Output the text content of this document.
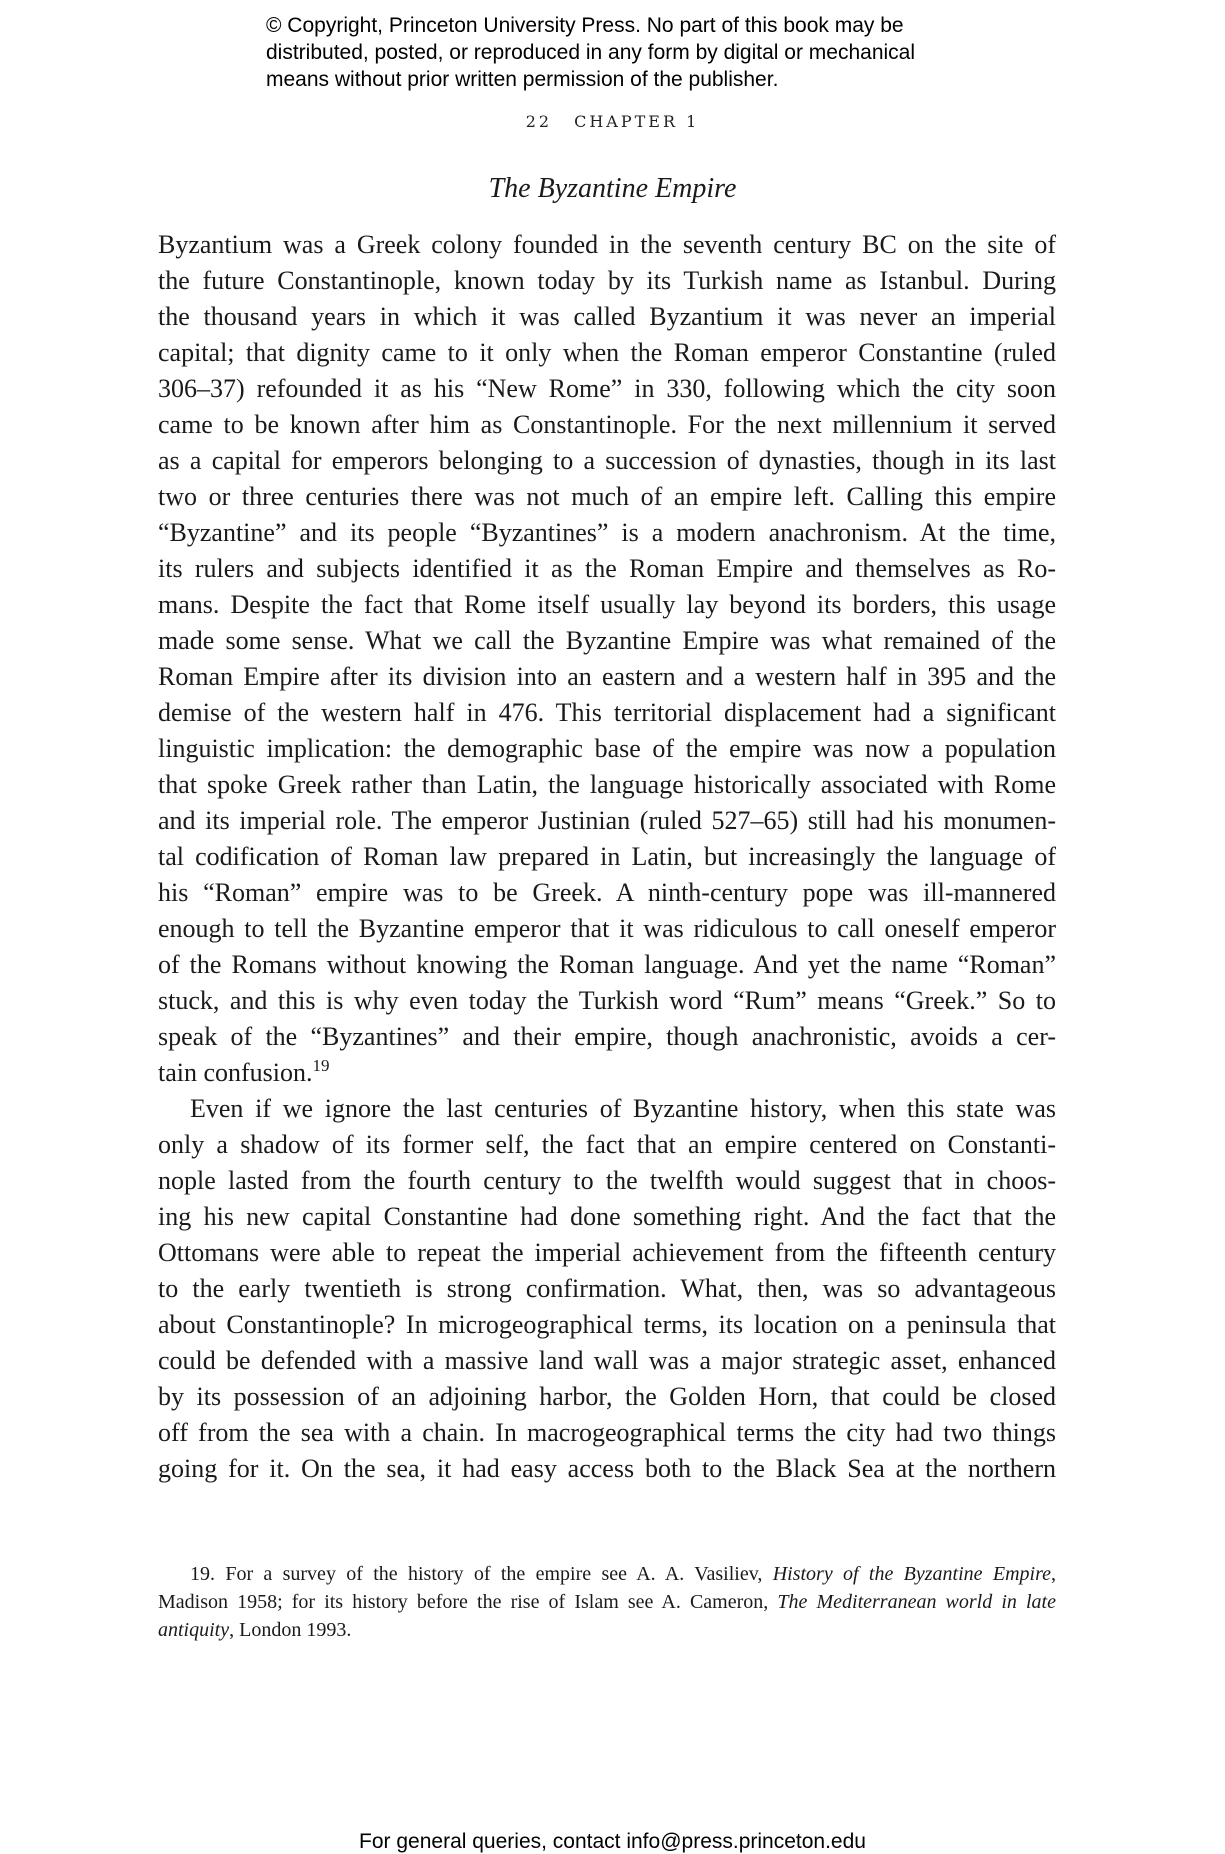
© Copyright, Princeton University Press. No part of this book may be
distributed, posted, or reproduced in any form by digital or mechanical
means without prior written permission of the publisher.
22 CHAPTER 1
The Byzantine Empire
Byzantium was a Greek colony founded in the seventh century BC on the site of
the future Constantinople, known today by its Turkish name as Istanbul. During
the thousand years in which it was called Byzantium it was never an imperial
capital; that dignity came to it only when the Roman emperor Constantine (ruled
306–37) refounded it as his “New Rome” in 330, following which the city soon
came to be known after him as Constantinople. For the next millennium it served
as a capital for emperors belonging to a succession of dynasties, though in its last
two or three centuries there was not much of an empire left. Calling this empire
“Byzantine” and its people “Byzantines” is a modern anachronism. At the time,
its rulers and subjects identified it as the Roman Empire and themselves as Ro-
mans. Despite the fact that Rome itself usually lay beyond its borders, this usage
made some sense. What we call the Byzantine Empire was what remained of the
Roman Empire after its division into an eastern and a western half in 395 and the
demise of the western half in 476. This territorial displacement had a significant
linguistic implication: the demographic base of the empire was now a population
that spoke Greek rather than Latin, the language historically associated with Rome
and its imperial role. The emperor Justinian (ruled 527–65) still had his monumen-
tal codification of Roman law prepared in Latin, but increasingly the language of
his “Roman” empire was to be Greek. A ninth-century pope was ill-mannered
enough to tell the Byzantine emperor that it was ridiculous to call oneself emperor
of the Romans without knowing the Roman language. And yet the name “Roman”
stuck, and this is why even today the Turkish word “Rum” means “Greek.” So to
speak of the “Byzantines” and their empire, though anachronistic, avoids a cer-
tain confusion.$^{19}$
Even if we ignore the last centuries of Byzantine history, when this state was
only a shadow of its former self, the fact that an empire centered on Constanti-
nople lasted from the fourth century to the twelfth would suggest that in choos-
ing his new capital Constantine had done something right. And the fact that the
Ottomans were able to repeat the imperial achievement from the fifteenth century
to the early twentieth is strong confirmation. What, then, was so advantageous
about Constantinople? In microgeographical terms, its location on a peninsula that
could be defended with a massive land wall was a major strategic asset, enhanced
by its possession of an adjoining harbor, the Golden Horn, that could be closed
off from the sea with a chain. In macrogeographical terms the city had two things
going for it. On the sea, it had easy access both to the Black Sea at the northern
19. For a survey of the history of the empire see A. A. Vasiliev, History of the Byzantine Empire,
Madison 1958; for its history before the rise of Islam see A. Cameron, The Mediterranean world in late
antiquity, London 1993.
For general queries, contact info@press.princeton.edu
